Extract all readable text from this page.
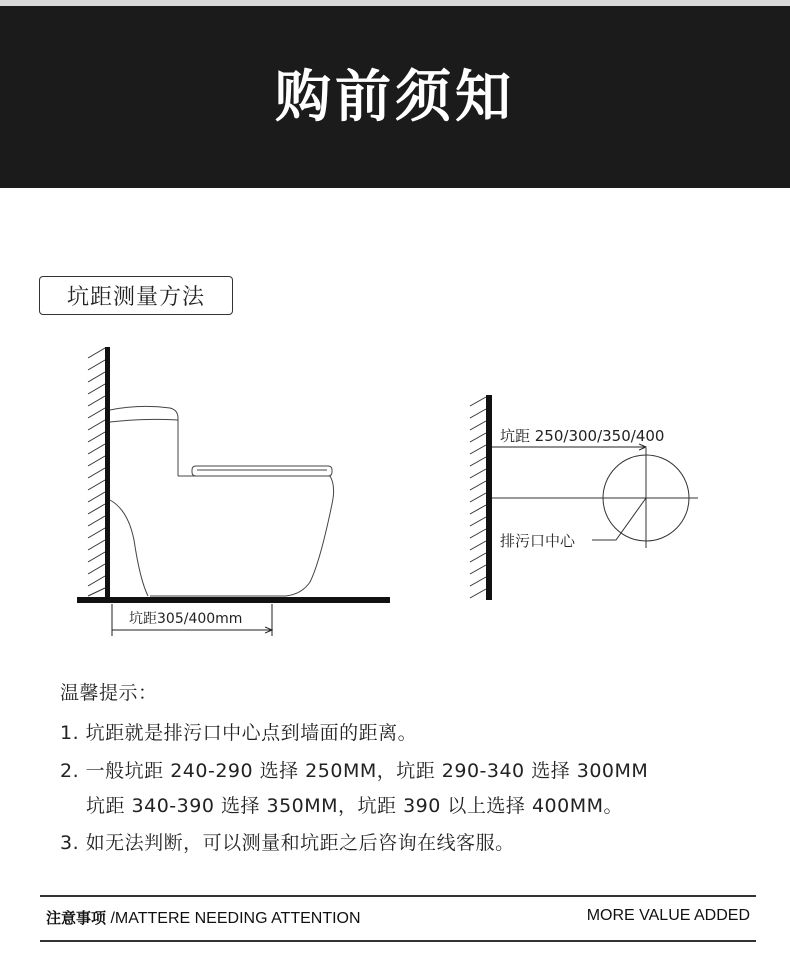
购前须知
坑距测量方法
坑距305/400mm
坑距 250/300/350/400
排污口中心
温馨提示：
1. 坑距就是排污口中心点到墙面的距离。
2. 一般坑距 240-290 选择 250MM，坑距 290-340 选择 300MM
坑距 340-390 选择 350MM，坑距 390 以上选择 400MM。
3. 如无法判断，可以测量和坑距之后咨询在线客服。
注意事项 /MATTERE NEEDING ATTENTION	MORE VALUE ADDED
